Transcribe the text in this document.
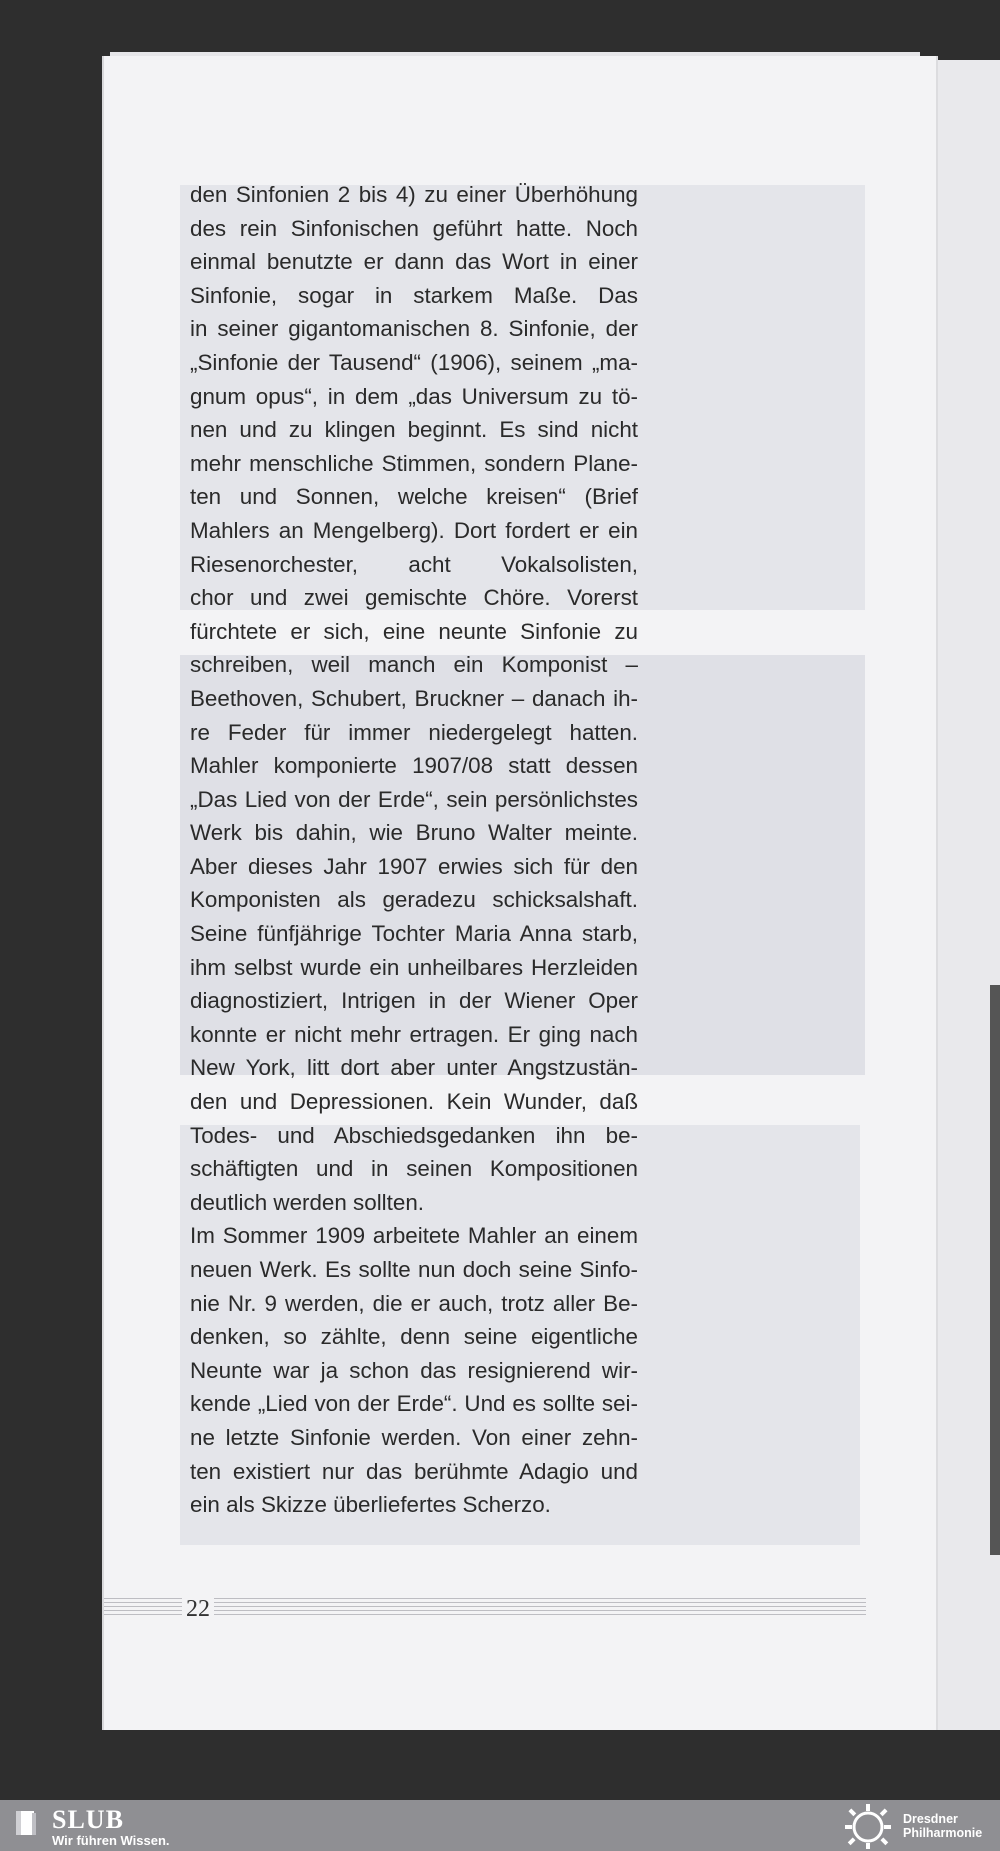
den Sinfonien 2 bis 4) zu einer Überhöhung
des rein Sinfonischen geführt hatte. Noch
einmal benutzte er dann das Wort in einer
Sinfonie, sogar in starkem Maße. Das
in seiner gigantomanischen 8. Sinfonie, der
„Sinfonie der Tausend“ (1906), seinem „ma-
gnum opus“, in dem „das Universum zu tö-
nen und zu klingen beginnt. Es sind nicht
mehr menschliche Stimmen, sondern Plane-
ten und Sonnen, welche kreisen“ (Brief
Mahlers an Mengelberg). Dort fordert er ein
Riesenorchester, acht Vokalsolisten,
chor und zwei gemischte Chöre. Vorerst
fürchtete er sich, eine neunte Sinfonie zu
schreiben, weil manch ein Komponist –
Beethoven, Schubert, Bruckner – danach ih-
re Feder für immer niedergelegt hatten.
Mahler komponierte 1907/08 statt dessen
„Das Lied von der Erde“, sein persönlichstes
Werk bis dahin, wie Bruno Walter meinte.
Aber dieses Jahr 1907 erwies sich für den
Komponisten als geradezu schicksalshaft.
Seine fünfjährige Tochter Maria Anna starb,
ihm selbst wurde ein unheilbares Herzleiden
diagnostiziert, Intrigen in der Wiener Oper
konnte er nicht mehr ertragen. Er ging nach
New York, litt dort aber unter Angstzustän-
den und Depressionen. Kein Wunder, daß
Todes- und Abschiedsgedanken ihn be-
schäftigten und in seinen Kompositionen
deutlich werden sollten.
Im Sommer 1909 arbeitete Mahler an einem
neuen Werk. Es sollte nun doch seine Sinfo-
nie Nr. 9 werden, die er auch, trotz aller Be-
denken, so zählte, denn seine eigentliche
Neunte war ja schon das resignierend wir-
kende „Lied von der Erde“. Und es sollte sei-
ne letzte Sinfonie werden. Von einer zehn-
ten existiert nur das berühmte Adagio und
ein als Skizze überliefertes Scherzo.
22
SLUB
Wir führen Wissen.
Dresdner
Philharmonie
